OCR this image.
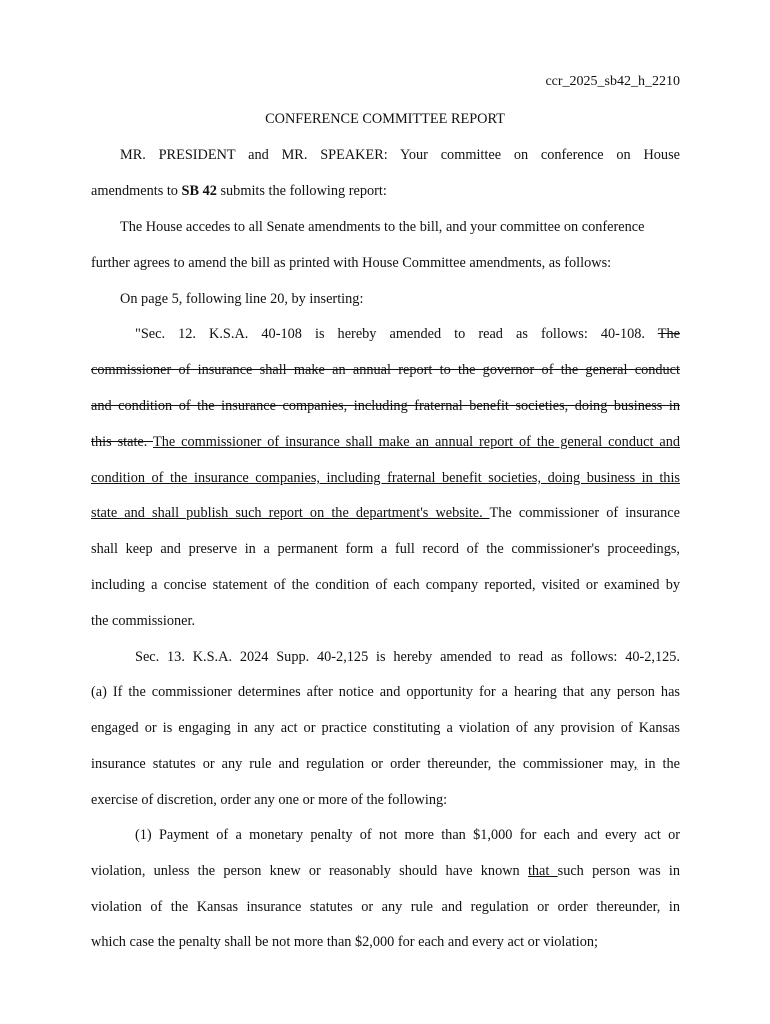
ccr_2025_sb42_h_2210
CONFERENCE COMMITTEE REPORT
MR. PRESIDENT and MR. SPEAKER: Your committee on conference on House
amendments to SB 42 submits the following report:
The House accedes to all Senate amendments to the bill, and your committee on conference
further agrees to amend the bill as printed with House Committee amendments, as follows:
On page 5, following line 20, by inserting:
"Sec. 12. K.S.A. 40-108 is hereby amended to read as follows: 40-108. The
commissioner of insurance shall make an annual report to the governor of the general conduct
and condition of the insurance companies, including fraternal benefit societies, doing business in
this state. The commissioner of insurance shall make an annual report of the general conduct and
condition of the insurance companies, including fraternal benefit societies, doing business in this
state and shall publish such report on the department's website. The commissioner of insurance
shall keep and preserve in a permanent form a full record of the commissioner's proceedings,
including a concise statement of the condition of each company reported, visited or examined by
the commissioner.
Sec. 13. K.S.A. 2024 Supp. 40-2,125 is hereby amended to read as follows: 40-2,125.
(a) If the commissioner determines after notice and opportunity for a hearing that any person has
engaged or is engaging in any act or practice constituting a violation of any provision of Kansas
insurance statutes or any rule and regulation or order thereunder, the commissioner may, in the
exercise of discretion, order any one or more of the following:
(1) Payment of a monetary penalty of not more than $1,000 for each and every act or
violation, unless the person knew or reasonably should have known that such person was in
violation of the Kansas insurance statutes or any rule and regulation or order thereunder, in
which case the penalty shall be not more than $2,000 for each and every act or violation;
